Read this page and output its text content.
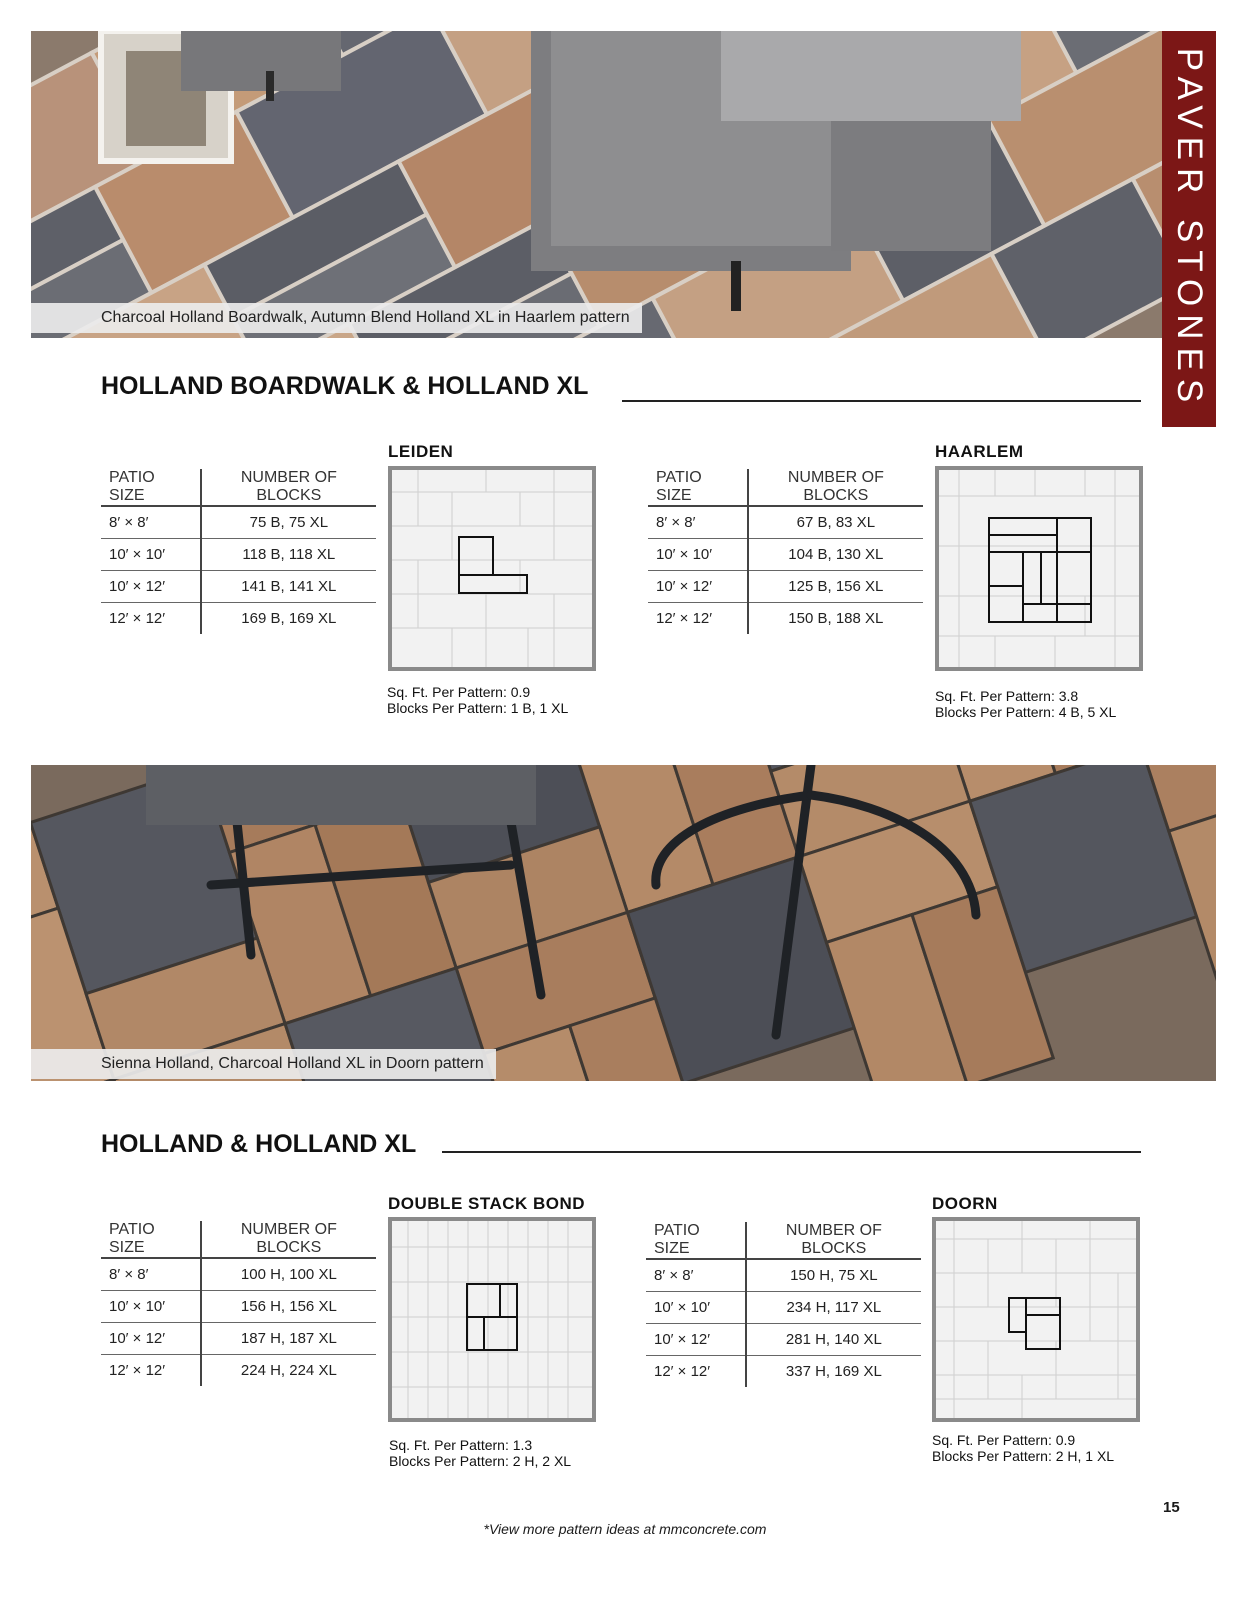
Charcoal Holland Boardwalk, Autumn Blend Holland XL in Haarlem pattern	PAVER STONES
HOLLAND BOARDWALK & HOLLAND XL
PATIO SIZE	NUMBER OF BLOCKS
8′ × 8′	75 B, 75 XL
10′ × 10′	118 B, 118 XL
10′ × 12′	141 B, 141 XL
12′ × 12′	169 B, 169 XL
LEIDEN
Sq. Ft. Per Pattern: 0.9
Blocks Per Pattern: 1 B, 1 XL
PATIO SIZE	NUMBER OF BLOCKS
8′ × 8′	67 B, 83 XL
10′ × 10′	104 B, 130 XL
10′ × 12′	125 B, 156 XL
12′ × 12′	150 B, 188 XL
HAARLEM
Sq. Ft. Per Pattern: 3.8
Blocks Per Pattern: 4 B, 5 XL
Sienna Holland, Charcoal Holland XL in Doorn pattern
HOLLAND & HOLLAND XL
PATIO SIZE	NUMBER OF BLOCKS
8′ × 8′	100 H, 100 XL
10′ × 10′	156 H, 156 XL
10′ × 12′	187 H, 187 XL
12′ × 12′	224 H, 224 XL
DOUBLE STACK BOND
Sq. Ft. Per Pattern: 1.3
Blocks Per Pattern: 2 H, 2 XL
PATIO SIZE	NUMBER OF BLOCKS
8′ × 8′	150 H, 75 XL
10′ × 10′	234 H, 117 XL
10′ × 12′	281 H, 140 XL
12′ × 12′	337 H, 169 XL
DOORN
Sq. Ft. Per Pattern: 0.9
Blocks Per Pattern: 2 H, 1 XL
15
*View more pattern ideas at mmconcrete.com
